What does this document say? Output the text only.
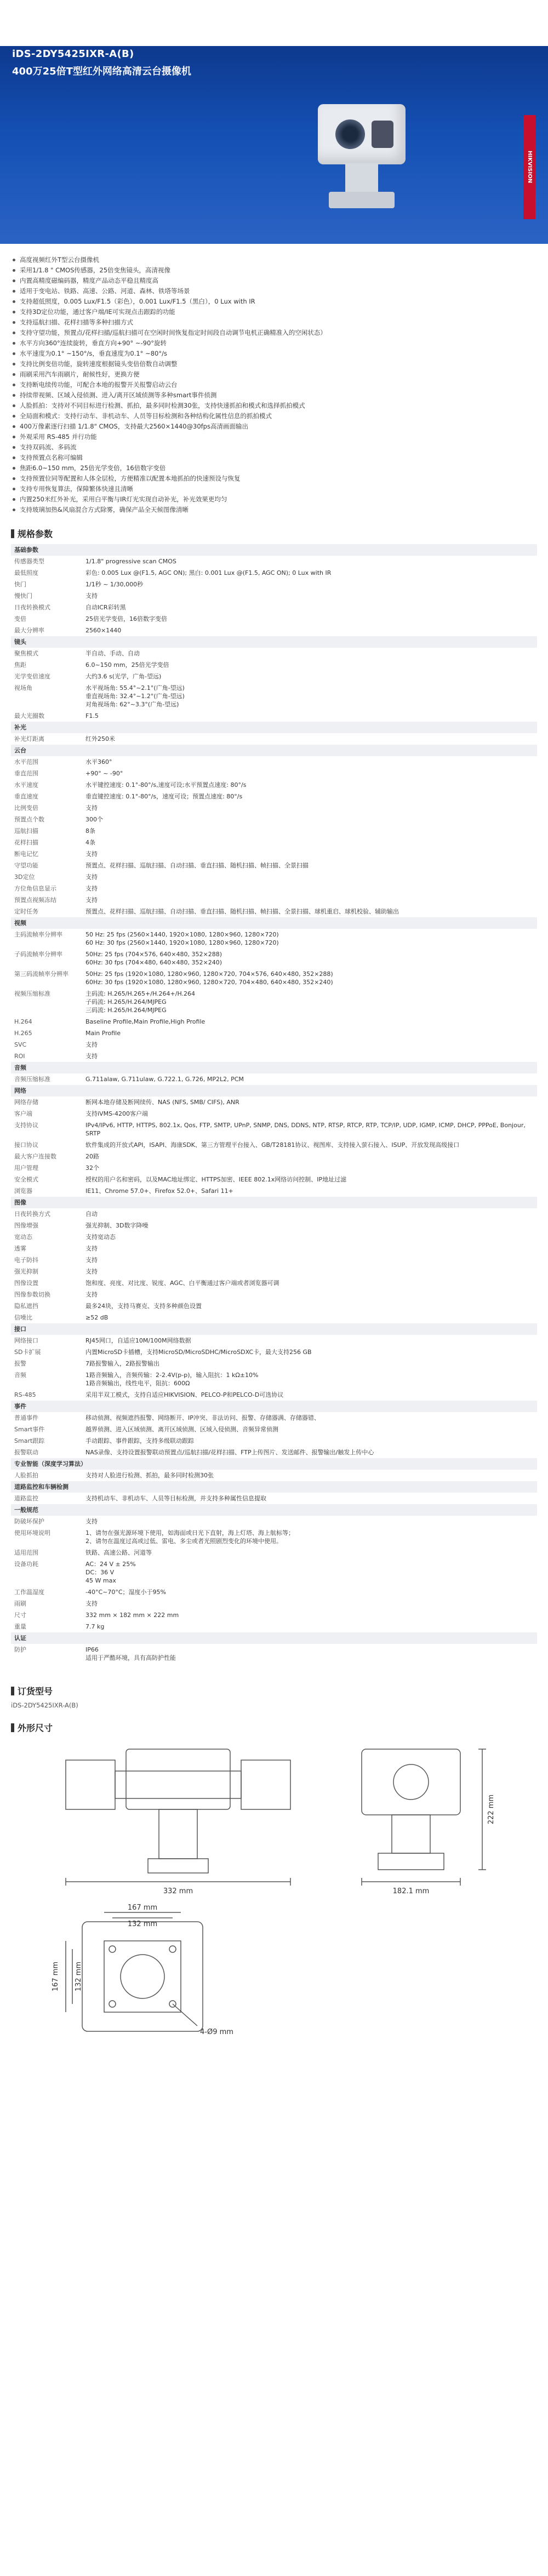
iDS-2DY5425IXR-A(B)
400万25倍T型红外网络高清云台摄像机
HIKVISION
高度视频红外T型云台摄像机
采用1/1.8 " CMOS传感器，25倍变焦镜头，高清视像
内置高精度磁编码器，精度产品动态平稳且精度高
适用于变电站、铁路、高速、公路、河道、森林、铁塔等场景
支持超低照度，0.005 Lux/F1.5（彩色），0.001 Lux/F1.5（黑白），0 Lux with IR
支持3D定位功能，通过客户端/IE可实现点击跟踪的功能
支持巡航扫描、花样扫描等多种扫描方式
支持守望功能，预置点/花样扫描/巡航扫描可在空闲时间恢复指定时间段自动调节电机正确精准入的空闲状态）
水平方向360°连续旋转，垂直方向+90° ~-90°旋转
水平速度为0.1° ~150°/s，垂直速度为0.1° ~80°/s
支持比例变倍功能，旋转速度根据镜头变倍倍数自动调整
雨刷采用汽车雨刷片，耐候性好，更换方便
支持断电续传功能，可配合本地的报警开关报警启动云台
持续带视频、区域入侵侦测、进入/离开区域侦测等多种smart事件侦测
人脸抓拍：支持对不同目标进行检测、抓拍，最多同时检测30张，支持快速抓拍和模式和选择抓拍模式
全局面和模式：支持行动车、非机动车、人员等目标检测和各种结构化属性信息的抓拍模式
400万像素逐行扫描 1/1.8" CMOS，支持最大2560×1440@30fps高清画面输出
外观采用 RS-485 并行功能
支持双码流、多码流
支持预置点名称可编辑
焦距6.0~150 mm，25倍光学变倍，16倍数字变倍
支持预置位同等配置和人体全层检，方便精准以配置本地抓拍的快速预设与恢复
支持专用恢复算法，保障繁体快速且清晰
内置250米红外补光，采用白平衡与IR灯光实现自动补光，补光效果更均匀
支持玻璃加热&风扇混合方式除雾，确保产品全天候图像清晰
规格参数
基础参数	
传感器类型	1/1.8" progressive scan CMOS
最低照度	彩色: 0.005 Lux @(F1.5, AGC ON); 黑白: 0.001 Lux @(F1.5, AGC ON); 0 Lux with IR
快门	1/1秒 ~ 1/30,000秒
慢快门	支持
日夜转换模式	自动ICR彩转黑
变倍	25倍光学变倍，16倍数字变倍
最大分辨率	2560×1440
镜头	
聚焦模式	半自动、手动、自动
焦距	6.0~150 mm，25倍光学变倍
光学变倍速度	大约3.6 s(光学，广角-望远)
视场角	水平视场角: 55.4°~2.1°(广角-望远)
垂直视场角: 32.4°~1.2°(广角-望远)
对角视场角: 62°~3.3°(广角-望远)
最大光圈数	F1.5
补光	
补光灯距离	红外250米
云台	
水平范围	水平360°
垂直范围	+90° ~ -90°
水平速度	水平键控速度: 0.1°-80°/s,速度可设;水平预置点速度: 80°/s
垂直速度	垂直键控速度: 0.1°-80°/s，速度可设；预置点速度: 80°/s
比例变倍	支持
预置点个数	300个
巡航扫描	8条
花样扫描	4条
断电记忆	支持
守望功能	预置点、花样扫描、巡航扫描、自动扫描、垂直扫描、随机扫描、帧扫描、全景扫描
3D定位	支持
方位角信息显示	支持
预置点视频冻结	支持
定时任务	预置点、花样扫描、巡航扫描、自动扫描、垂直扫描、随机扫描、帧扫描、全景扫描、球机重启、球机校验、辅助输出
视频	
主码流帧率分辨率	50 Hz: 25 fps (2560×1440, 1920×1080, 1280×960, 1280×720)
60 Hz: 30 fps (2560×1440, 1920×1080, 1280×960, 1280×720)
子码流帧率分辨率	50Hz: 25 fps (704×576, 640×480, 352×288)
60Hz: 30 fps (704×480, 640×480, 352×240)
第三码流帧率分辨率	50Hz: 25 fps (1920×1080, 1280×960, 1280×720, 704×576, 640×480, 352×288)
60Hz: 30 fps (1920×1080, 1280×960, 1280×720, 704×480, 640×480, 352×240)
视频压缩标准	主码流: H.265/H.265+/H.264+/H.264
子码流: H.265/H.264/MJPEG
三码流: H.265/H.264/MJPEG
H.264	Baseline Profile,Main Profile,High Profile
H.265	Main Profile
SVC	支持
ROI	支持
音频	
音频压缩标准	G.711alaw, G.711ulaw, G.722.1, G.726, MP2L2, PCM
网络	
网络存储	断网本地存储及断网续传、NAS (NFS, SMB/ CIFS), ANR
客户端	支持iVMS-4200客户端
支持协议	IPv4/IPv6, HTTP, HTTPS, 802.1x, Qos, FTP, SMTP, UPnP, SNMP, DNS, DDNS, NTP, RTSP, RTCP, RTP, TCP/IP, UDP, IGMP, ICMP, DHCP, PPPoE, Bonjour, SRTP
接口协议	软件集成的开放式API，ISAPI、海康SDK、第三方管理平台接入、GB/T28181协议、视图库、支持接入萤石接入、ISUP、开放发现高级接口
最大客户连接数	20路
用户管理	32个
安全模式	授权的用户名和密码，以及MAC地址绑定、HTTPS加密、IEEE 802.1x网络访问控制、IP地址过滤
浏览器	IE11、Chrome 57.0+、Firefox 52.0+、Safari 11+
图像	
日夜转换方式	自动
图像增强	强光抑制、3D数字降噪
宽动态	支持宽动态
透雾	支持
电子防抖	支持
强光抑制	支持
图像设置	饱和度、亮度、对比度、锐度、AGC、白平衡通过客户端或者浏览器可调
图像参数切换	支持
隐私遮挡	最多24块，支持马赛克、支持多种颜色设置
信噪比	≥52 dB
接口	
网络接口	RJ45网口，自适应10M/100M网络数据
SD卡扩展	内置MicroSD卡插槽，支持MicroSD/MicroSDHC/MicroSDXC卡，最大支持256 GB
报警	7路报警输入，2路报警输出
音频	1路音频输入，音频传输：2-2.4V(p-p)，输入阻抗：1 kΩ±10%
1路音频输出，线性电平，阻抗：600Ω
RS-485	采用半双工模式，支持自适应HIKVISION、PELCO-P和PELCO-D可选协议
事件	
普通事件	移动侦测、视频遮挡报警、网络断开、IP冲突、非法访问、报警、存储器满、存储器错、
Smart事件	越界侦测、进入区域侦测、离开区域侦测、区域入侵侦测、音频异常侦测
Smart跟踪	手动跟踪、事件跟踪，支持多级联动跟踪
报警联动	NAS录像、支持设置报警联动预置点/巡航扫描/花样扫描、FTP上传图片、发送邮件、报警输出/触发上传中心
专业智能（深度学习算法）	
人脸抓拍	支持对人脸进行检测、抓拍，最多同时检测30张
道路监控和车辆检测	
道路监控	支持机动车、非机动车、人员等目标检测，并支持多种属性信息提取
一般规范	
防破坏保护	支持
使用环境说明	1、请勿在强光源环境下使用，如海面或日光下直射，海上灯塔、海上航标等；
2、请勿在温度过高或过低、雷电、多尘或者光照剧烈变化的环境中使用。
适用范围	铁路、高速公路、河道等
设备功耗	AC：24 V ± 25%
DC：36 V
45 W max
工作温湿度	-40°C~70°C；湿度小于95%
雨刷	支持
尺寸	332 mm × 182 mm × 222 mm
重量	7.7 kg
认证	
防护	IP66
适用于严酷环境，具有高防护性能
订货型号
iDS-2DY5425IXR-A(B)
外形尺寸
332 mm	182.1 mm
222 mm
167 mm
132 mm
167 mm 132 mm
4-Ø9 mm
